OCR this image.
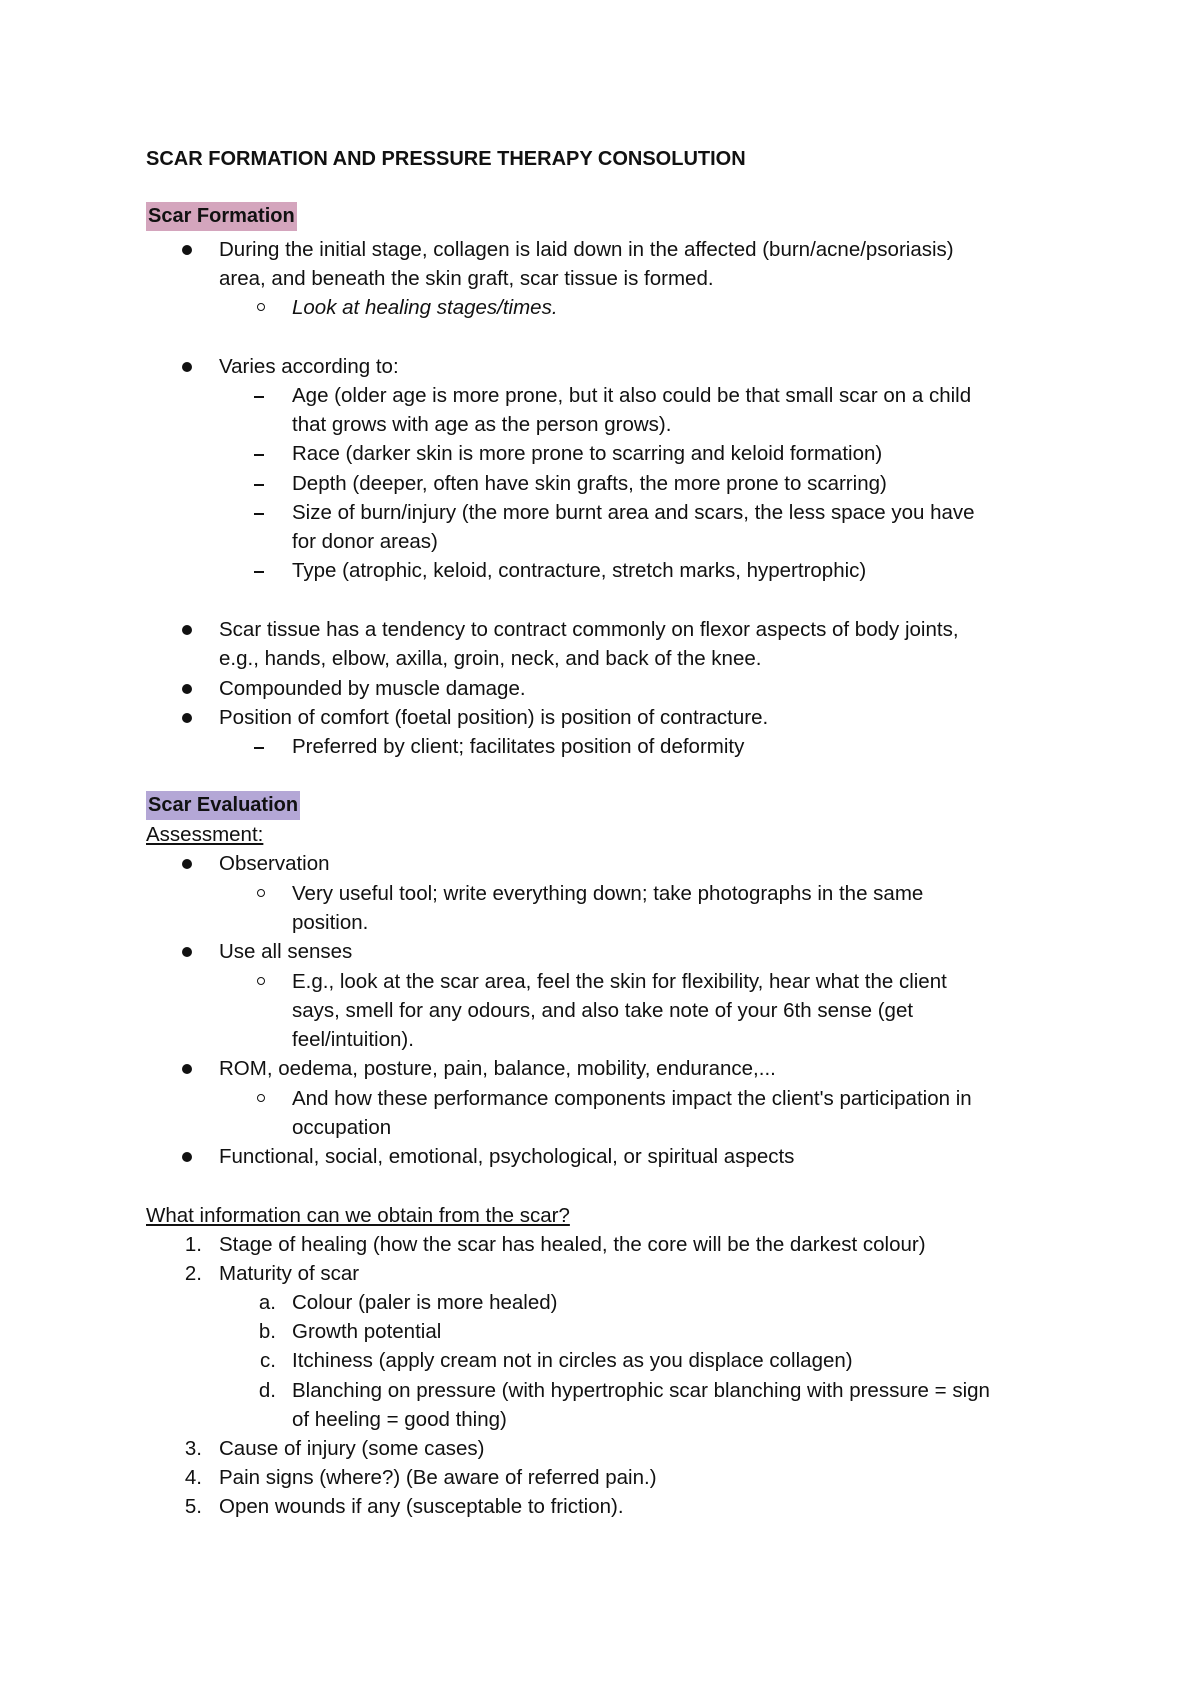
SCAR FORMATION AND PRESSURE THERAPY CONSOLUTION
Scar Formation
During the initial stage, collagen is laid down in the affected (burn/acne/psoriasis)
area, and beneath the skin graft, scar tissue is formed.
Look at healing stages/times.
Varies according to:
Age (older age is more prone, but it also could be that small scar on a child
that grows with age as the person grows).
Race (darker skin is more prone to scarring and keloid formation)
Depth (deeper, often have skin grafts, the more prone to scarring)
Size of burn/injury (the more burnt area and scars, the less space you have
for donor areas)
Type (atrophic, keloid, contracture, stretch marks, hypertrophic)
Scar tissue has a tendency to contract commonly on flexor aspects of body joints,
e.g., hands, elbow, axilla, groin, neck, and back of the knee.
Compounded by muscle damage.
Position of comfort (foetal position) is position of contracture.
Preferred by client; facilitates position of deformity
Scar Evaluation
Assessment:
Observation
Very useful tool; write everything down; take photographs in the same
position.
Use all senses
E.g., look at the scar area, feel the skin for flexibility, hear what the client
says, smell for any odours, and also take note of your 6th sense (get
feel/intuition).
ROM, oedema, posture, pain, balance, mobility, endurance,...
And how these performance components impact the client's participation in
occupation
Functional, social, emotional, psychological, or spiritual aspects
What information can we obtain from the scar?
1. Stage of healing (how the scar has healed, the core will be the darkest colour)
2. Maturity of scar
a. Colour (paler is more healed)
b. Growth potential
c. Itchiness (apply cream not in circles as you displace collagen)
d. Blanching on pressure (with hypertrophic scar blanching with pressure = sign
of heeling = good thing)
3. Cause of injury (some cases)
4. Pain signs (where?) (Be aware of referred pain.)
5. Open wounds if any (susceptable to friction).
